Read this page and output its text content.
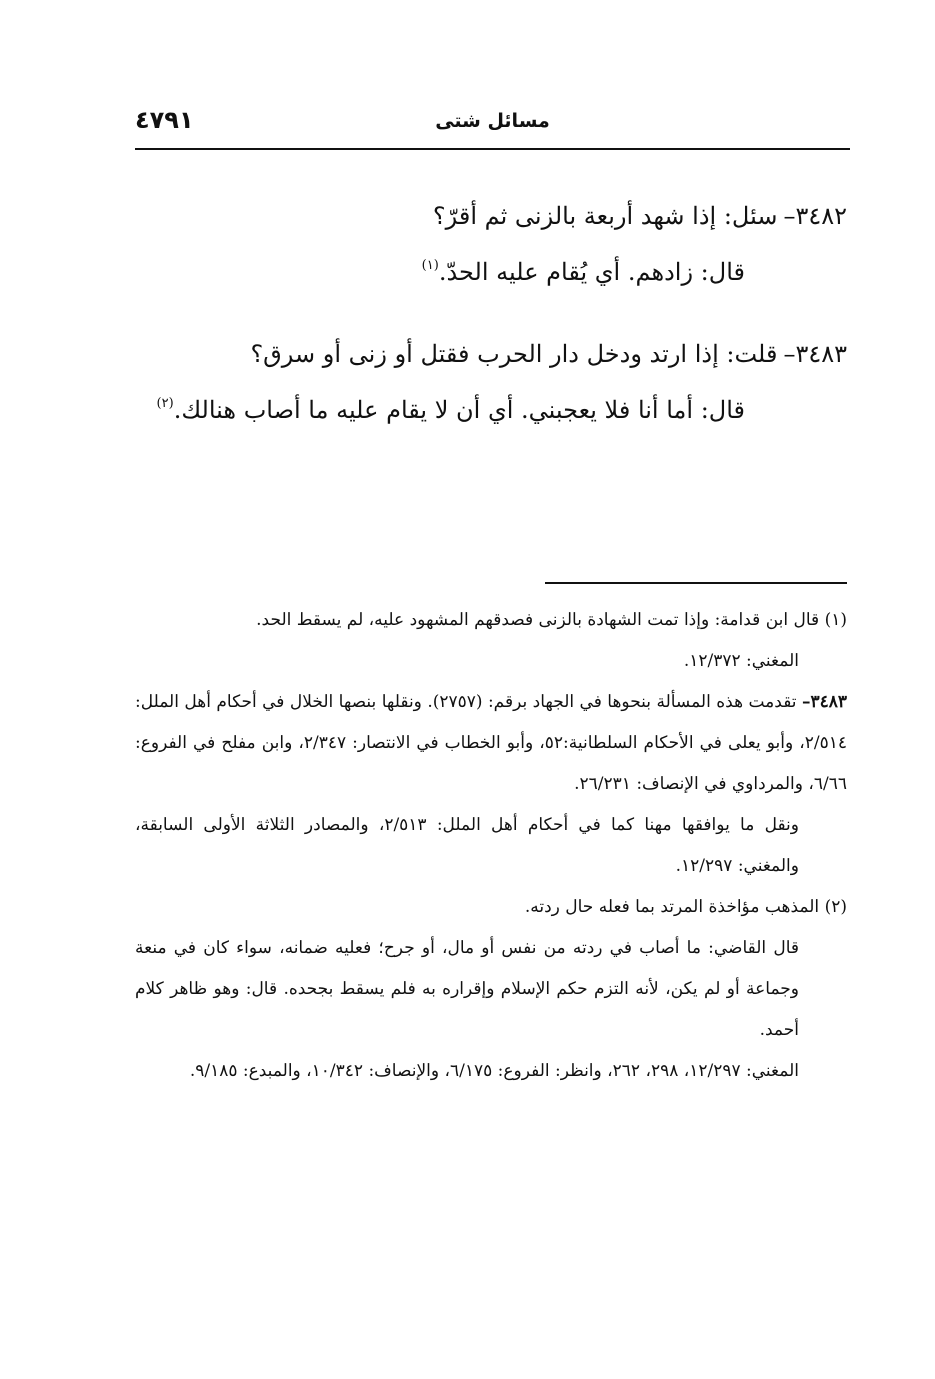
مسائل شتى
٤٧٩١

٣٤٨٢–سئل: إذا شهد أربعة بالزنى ثم أقرّ؟

قال: زادهم. أي يُقام عليه الحدّ.$^{(١)}$

٣٤٨٣–قلت: إذا ارتد ودخل دار الحرب فقتل أو زنى أو سرق؟

قال: أما أنا فلا يعجبني. أي أن لا يقام عليه ما أصاب هنالك.$^{(٢)}$

(١) قال ابن قدامة: وإذا تمت الشهادة بالزنى فصدقهم المشهود عليه، لم يسقط الحد.

المغني: ١٢/٣٧٢.

٣٤٨٣– تقدمت هذه المسألة بنحوها في الجهاد برقم: (٢٧٥٧). ونقلها بنصها الخلال في أحكام أهل الملل: ٢/٥١٤، وأبو يعلى في الأحكام السلطانية:٥٢، وأبو الخطاب في الانتصار: ٢/٣٤٧، وابن مفلح في الفروع: ٦/٦٦، والمرداوي في الإنصاف: ٢٦/٢٣١.

ونقل ما يوافقها مهنا كما في أحكام أهل الملل: ٢/٥١٣، والمصادر الثلاثة الأولى السابقة، والمغني: ١٢/٢٩٧.

(٢) المذهب مؤاخذة المرتد بما فعله حال ردته.

قال القاضي: ما أصاب في ردته من نفس أو مال، أو جرح؛ فعليه ضمانه، سواء كان في منعة وجماعة أو لم يكن، لأنه التزم حكم الإسلام وإقراره به فلم يسقط بجحده. قال: وهو ظاهر كلام أحمد.

المغني: ١٢/٢٩٧، ٢٩٨، ٢٦٢، وانظر: الفروع: ٦/١٧٥، والإنصاف: ١٠/٣٤٢، والمبدع: ٩/١٨٥.
